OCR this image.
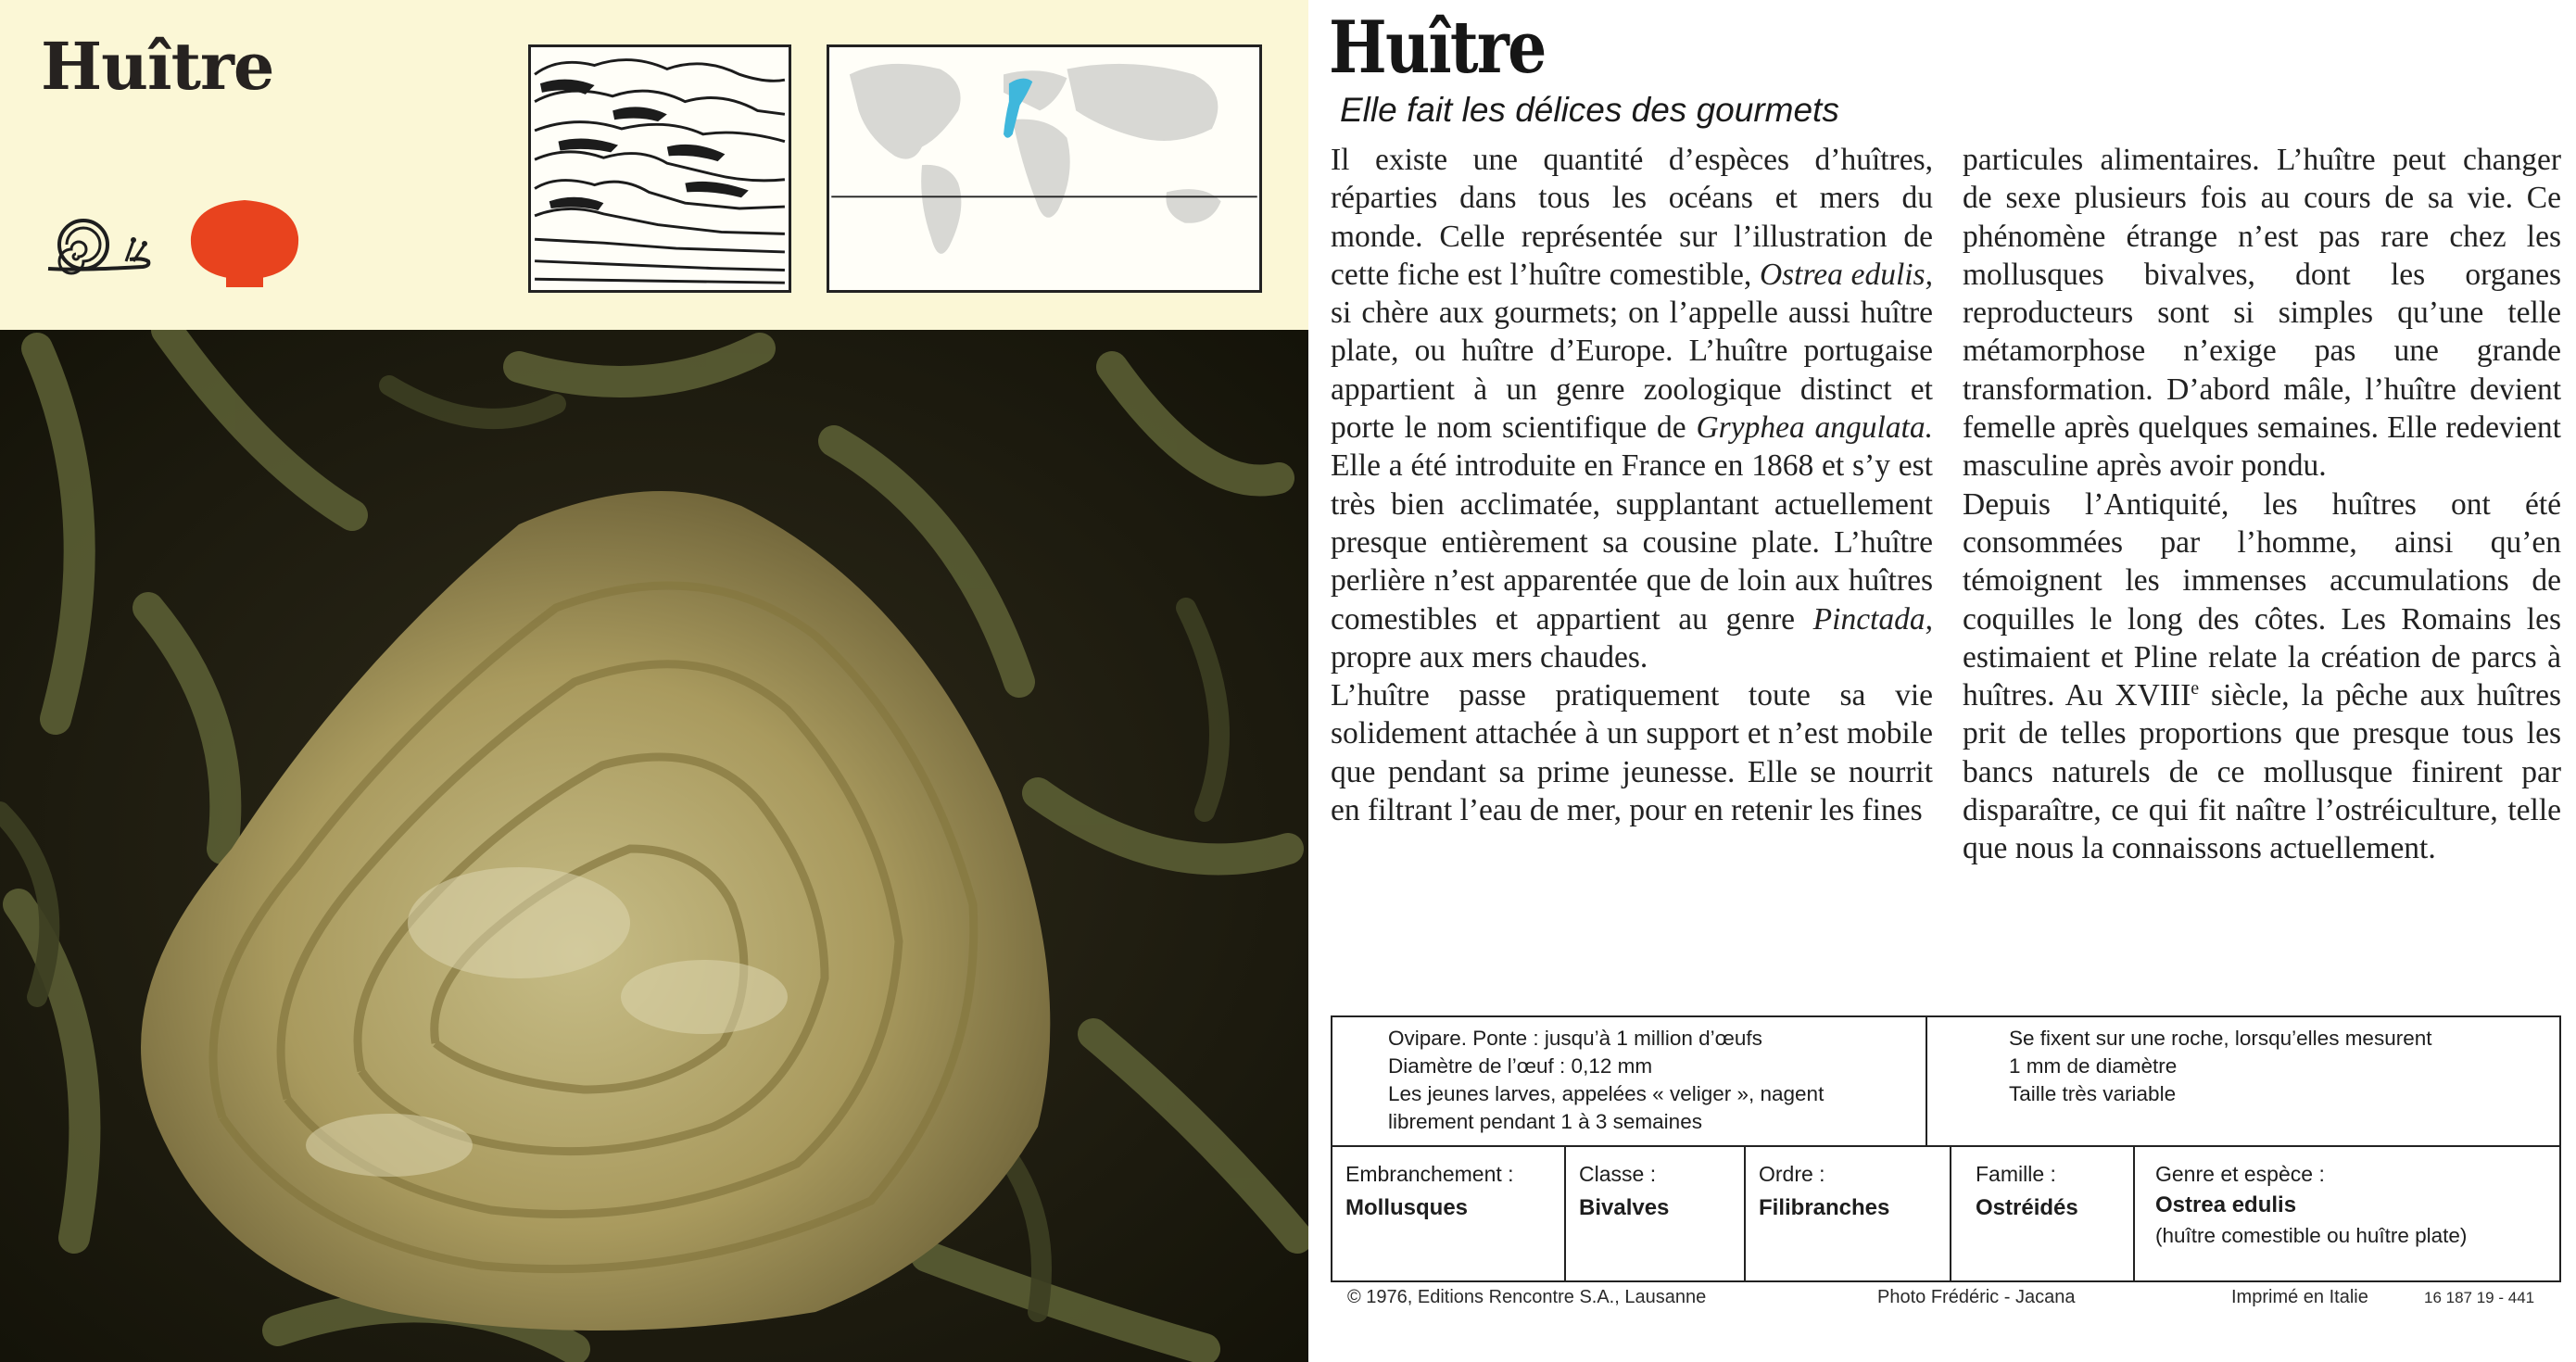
Huître	Huître
Elle fait les délices des gourmets

Il existe une quantité d’espèces d’huîtres, réparties dans tous les océans et mers du monde. Celle représentée sur l’illustration de cette fiche est l’huître comestible, Ostrea edulis, si chère aux gourmets; on l’appelle aussi huître plate, ou huître d’Europe. L’huître portugaise appartient à un genre zoologique distinct et porte le nom scientifique de Gryphea angulata. Elle a été introduite en France en 1868 et s’y est très bien acclimatée, supplantant actuellement presque entièrement sa cousine plate. L’huître perlière n’est apparentée que de loin aux huîtres comestibles et appartient au genre Pinctada, propre aux mers chaudes.

L’huître passe pratiquement toute sa vie solidement attachée à un support et n’est mobile que pendant sa prime jeunesse. Elle se nourrit en filtrant l’eau de mer, pour en retenir les fines

particules alimentaires. L’huître peut changer de sexe plusieurs fois au cours de sa vie. Ce phénomène étrange n’est pas rare chez les mollusques bivalves, dont les organes reproducteurs sont si simples qu’une telle métamorphose n’exige pas une grande transformation. D’abord mâle, l’huître devient femelle après quelques semaines. Elle redevient masculine après avoir pondu.

Depuis l’Antiquité, les huîtres ont été consommées par l’homme, ainsi qu’en témoignent les immenses accumulations de coquilles le long des côtes. Les Romains les estimaient et Pline relate la création de parcs à huîtres. Au XVIIIe siècle, la pêche aux huîtres prit de telles proportions que presque tous les bancs naturels de ce mollusque finirent par disparaître, ce qui fit naître l’ostréiculture, telle que nous la connaissons actuellement.

Ovipare. Ponte : jusqu’à 1 million d’œufs
Diamètre de l’œuf : 0,12 mm
Les jeunes larves, appelées « veliger », nagent
librement pendant 1 à 3 semaines
Se fixent sur une roche, lorsqu’elles mesurent
1 mm de diamètre
Taille très variable
Embranchement :
Mollusques
Classe :
Bivalves
Ordre :
Filibranches
Famille :
Ostréidés
Genre et espèce :
Ostrea edulis
(huître comestible ou huître plate)
© 1976, Editions Rencontre S.A., Lausanne	Photo Frédéric - Jacana	Imprimé en Italie	16 187 19 - 441
